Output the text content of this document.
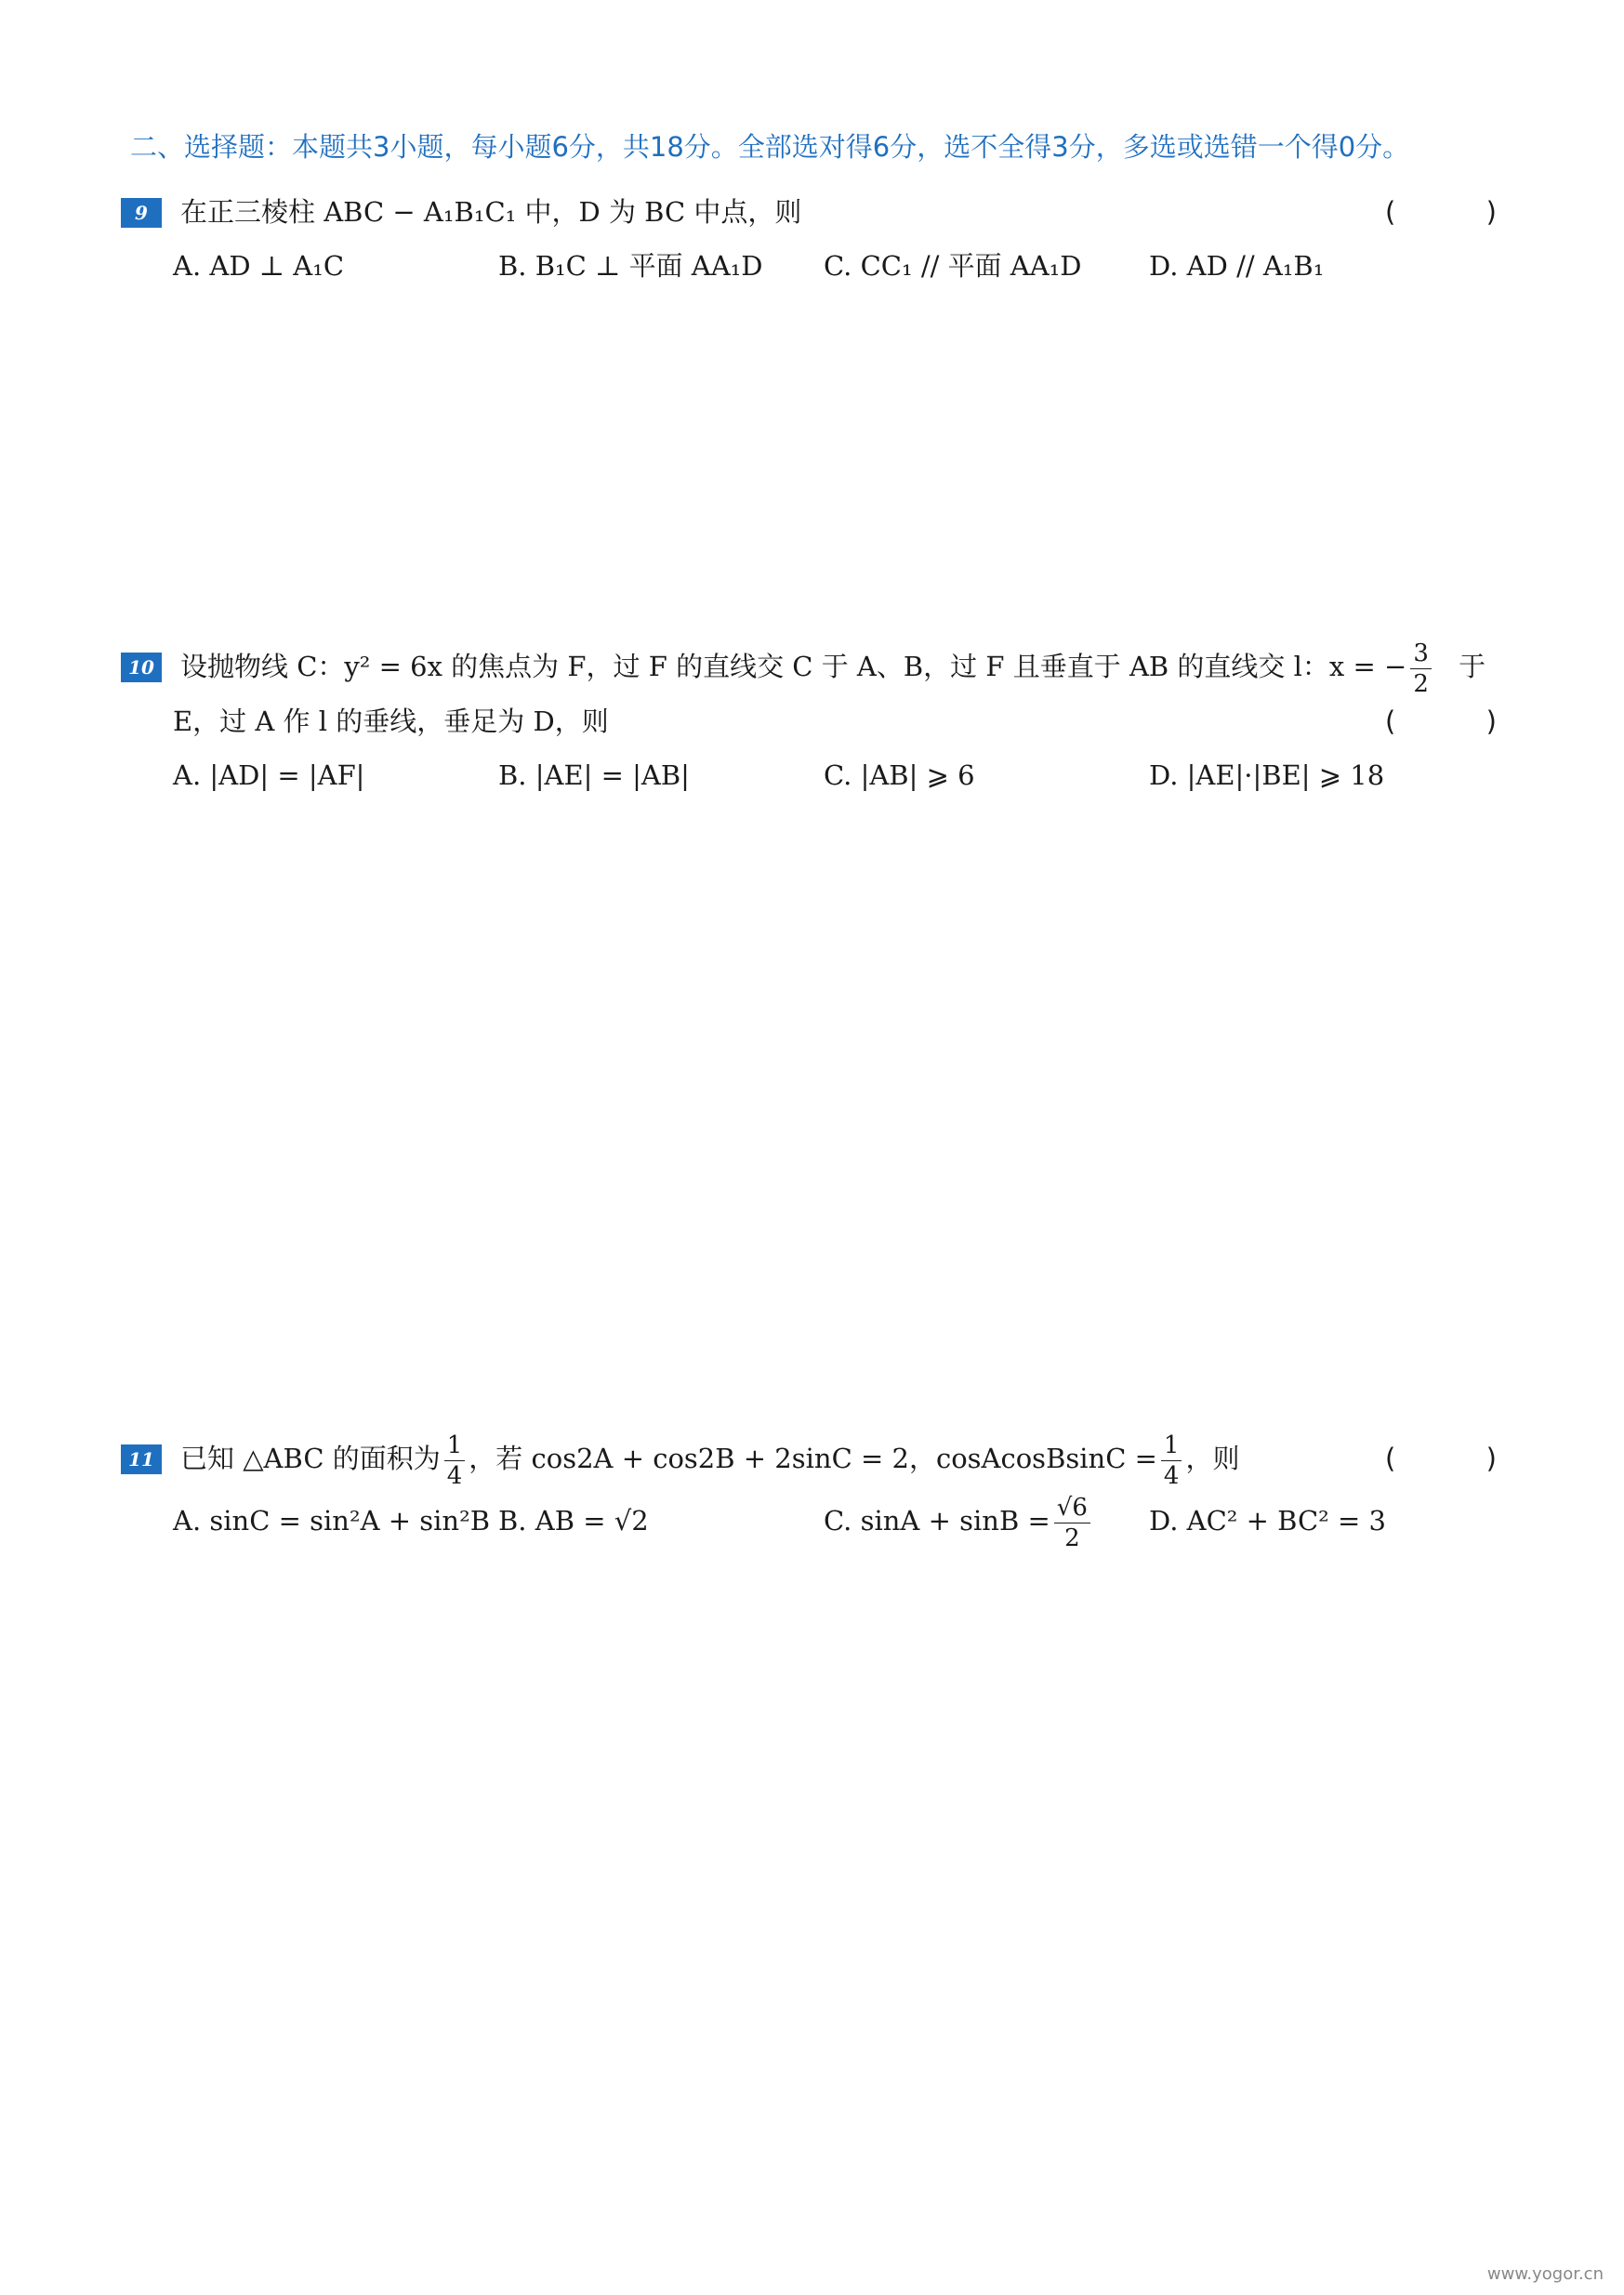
二、选择题：本题共3小题，每小题6分，共18分。全部选对得6分，选不全得3分，多选或选错一个得0分。
9	在正三棱柱 ABC − A₁B₁C₁ 中，D 为 BC 中点，则	(	)
A. AD ⊥ A₁C	B. B₁C ⊥ 平面 AA₁D C. CC₁ // 平面 AA₁D D. AD // A₁B₁
10 设抛物线 C：y² = 6x 的焦点为 F，过 F 的直线交 C 于 A、B，过 F 且垂直于 AB 的直线交 l：x = − $\frac{3}{2}$ 于
E，过 A 作 l 的垂线，垂足为 D，则	(	)
A. |AD| = |AF|	B. |AE| = |AB|	C. |AB| ⩾ 6	D. |AE|·|BE| ⩾ 18
11 已知 △ABC 的面积为 $\frac{1}{4}$ ，若 cos2A + cos2B + 2sinC = 2，cosAcosBsinC = $\frac{1}{4}$ ，则	(	)
A. sinC = sin²A + sin²B B. AB = √2	C. $\sin A + \sin B = \frac{√6}{2} D$. AC² + BC² = 3
www.yogor.cn
